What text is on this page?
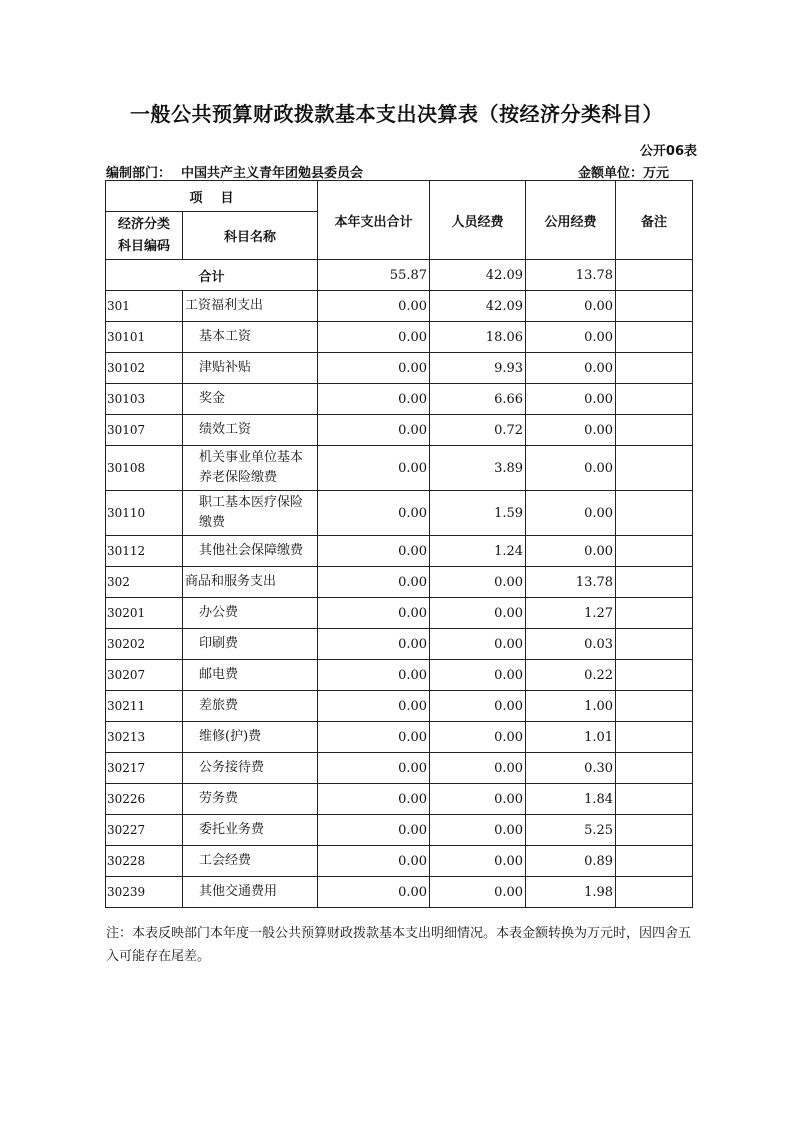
一般公共预算财政拨款基本支出决算表（按经济分类科目）
公开06表
编制部门： 中国共产主义青年团勉县委员会	金额单位：万元
项    目		本年支出合计	人员经费	公用经费	备注

经济分类
科目编码	科目名称				
合计		55.87	42.09	13.78	
301	工资福利支出	0.00	42.09	0.00	
30101	基本工资	0.00	18.06	0.00	
30102	津贴补贴	0.00	9.93	0.00	
30103	奖金	0.00	6.66	0.00	
30107	绩效工资	0.00	0.72	0.00	
30108	机关事业单位基本养老保险缴费	0.00	3.89	0.00	
30110	职工基本医疗保险缴费	0.00	1.59	0.00	
30112	其他社会保障缴费	0.00	1.24	0.00	
302	商品和服务支出	0.00	0.00	13.78	
30201	办公费	0.00	0.00	1.27	
30202	印刷费	0.00	0.00	0.03	
30207	邮电费	0.00	0.00	0.22	
30211	差旅费	0.00	0.00	1.00	
30213	维修(护)费	0.00	0.00	1.01	
30217	公务接待费	0.00	0.00	0.30	
30226	劳务费	0.00	0.00	1.84	
30227	委托业务费	0.00	0.00	5.25	
30228	工会经费	0.00	0.00	0.89	
30239	其他交通费用	0.00	0.00	1.98	
注：本表反映部门本年度一般公共预算财政拨款基本支出明细情况。本表金额转换为万元时，因四舍五入可能存在尾差。
